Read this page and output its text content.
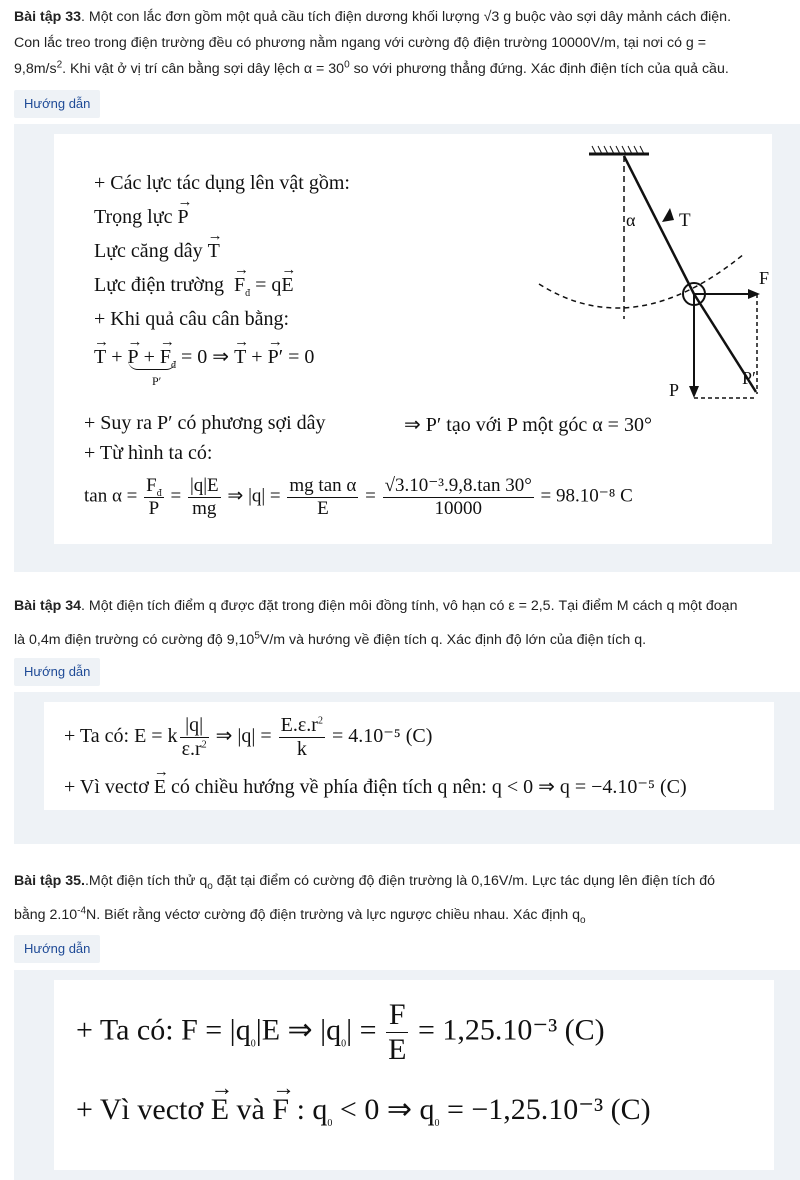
Bài tập 33. Một con lắc đơn gồm một quả cầu tích điện dương khối lượng √3 g buộc vào sợi dây mảnh cách điện.
Con lắc treo trong điện trường đều có phương nằm ngang với cường độ điện trường 10000V/m, tại nơi có g =
$9,8m/s^2$. Khi vật ở vị trí cân bằng sợi dây lệch $\alpha = 30^0$ so với phương thẳng đứng. Xác định điện tích của quả cầu.
Hướng dẫn
+ Các lực tác dụng lên vật gồm:
Trọng lực → P
Lực căng dây → T
Lực điện trường → $F_đ = q\to E$
+ Khi quả câu cân bằng:
→ T + → P + → $F_đ = 0$ ⇒ → T + → P′ = 0
P′
+ Suy ra P′ có phương sợi dây	⇒ P′ tạo với P một góc α = 30°
+ Từ hình ta có:
$\tan \alpha = \frac{F_đ}{P} = \frac{|q|E}{mg}$ ⇒ $|q| = \frac{\text{mg tan α}}{E} = \frac{\text{√3.10⁻³.9,8.tan 30°}}{10000} = 98.10^{-8}$ C
α T
F
P
P′
Bài tập 34. Một điện tích điểm q được đặt trong điện môi đồng tính, vô hạn có ε = 2,5. Tại điểm M cách q một đoạn
là 0,4m điện trường có cường độ 9,10$^5$V/m và hướng về điện tích q. Xác định độ lớn của điện tích q.
Hướng dẫn
+ Ta có: E = k $\frac{|q|}{\varepsilon.r^2}$ ⇒ $|q| = \frac{E.\varepsilon.r^2}{k} = 4.10^{-5}$ (C)
+ Vì vectơ → E có chiều hướng về phía điện tích q nên: q < 0 ⇒ q = −4.10⁻⁵ (C)
Bài tập 35..Một điện tích thử $q_o$ đặt tại điểm có cường độ điện trường là 0,16V/m. Lực tác dụng lên điện tích đó
bằng $2.10^{-4}N$. Biết rằng véctơ cường độ điện trường và lực ngược chiều nhau. Xác định $q_o$
Hướng dẫn
+ Ta có: $F = |q_0|E$ ⇒ $|q_0| = \frac{F}{E} = 1,25.10^{-3}$ (C)
+ Vì vectơ → E và → F : $q_0 < 0$ ⇒ $q_0 = -1,25.10^{-3}$ (C)
